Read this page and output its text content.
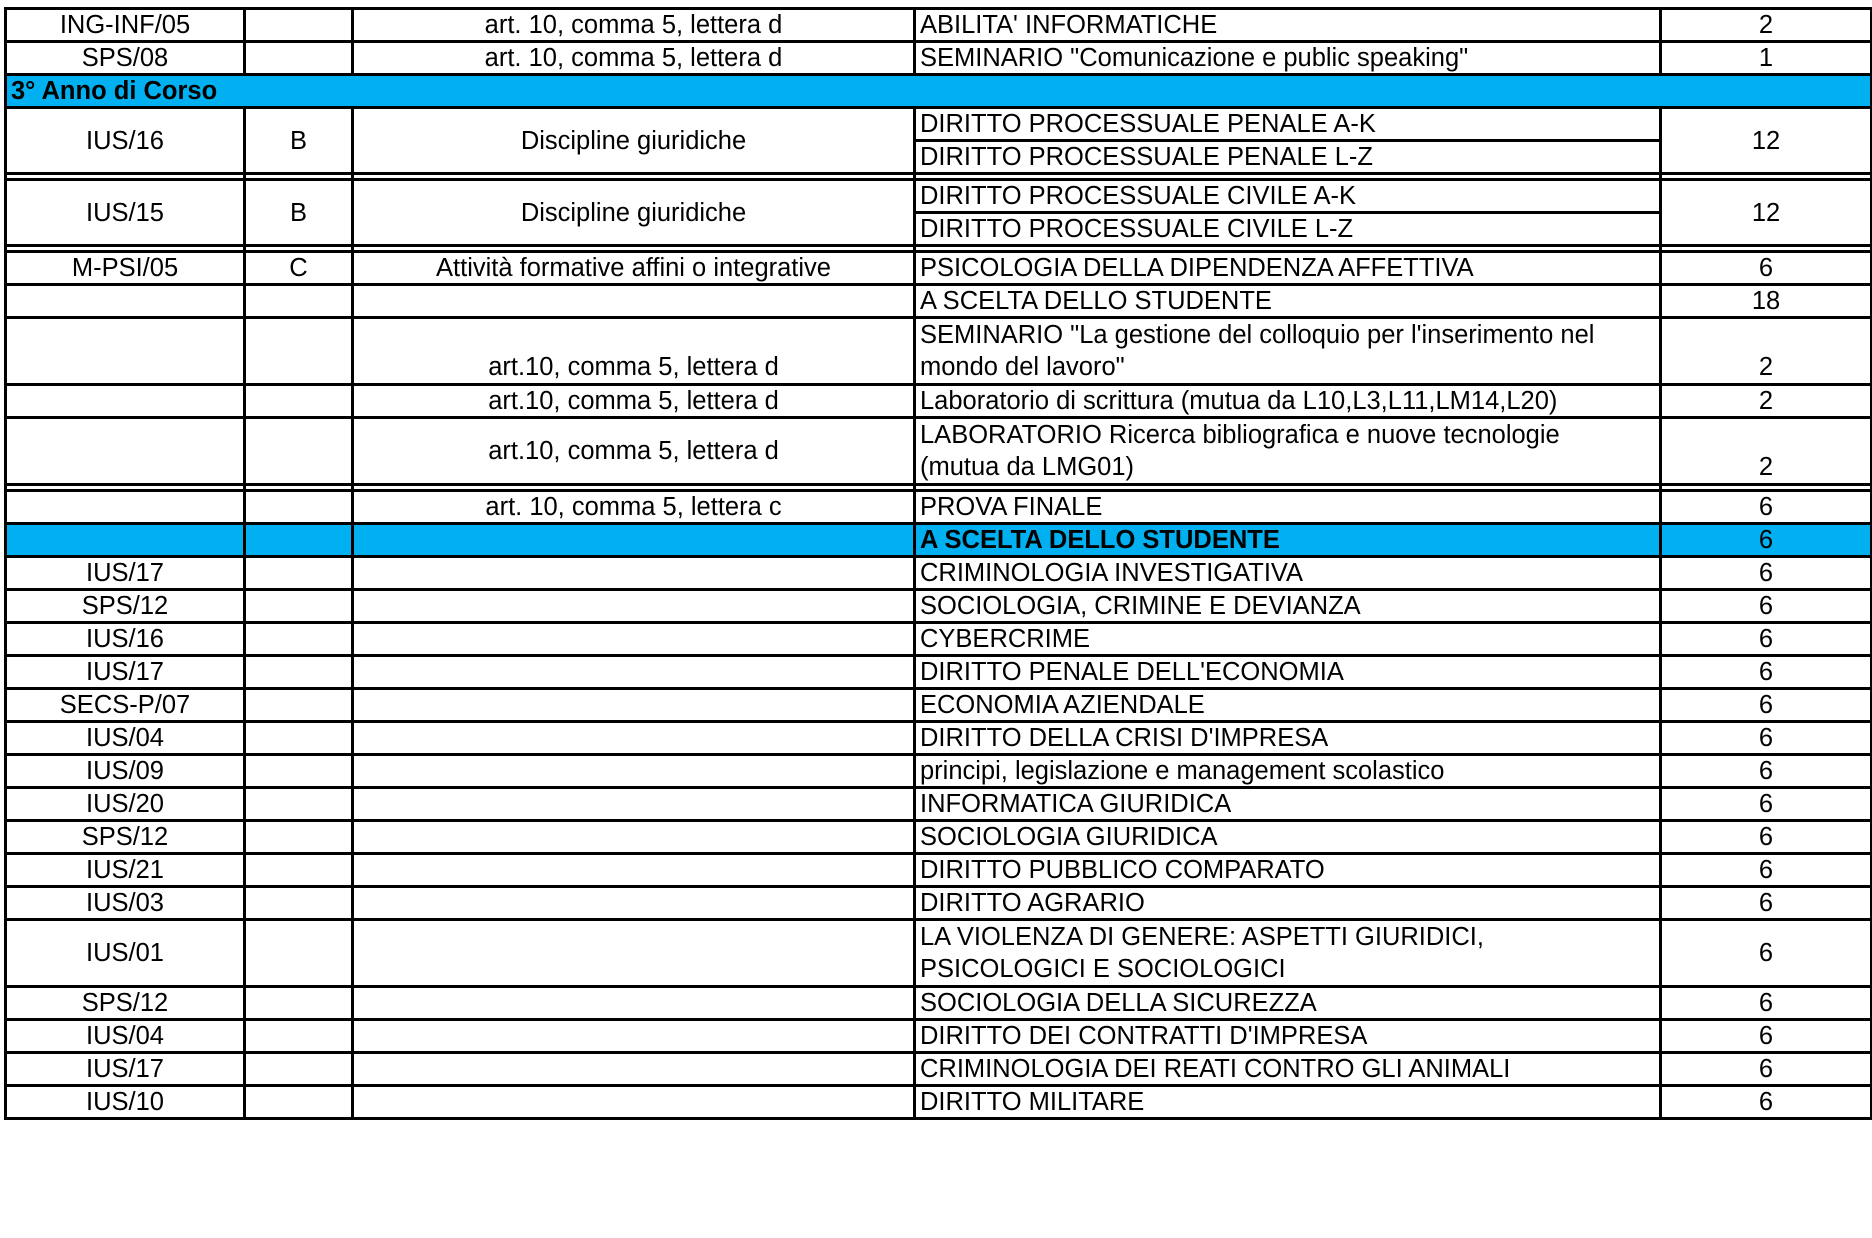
ING-INF/05		art. 10, comma 5, lettera d	ABILITA' INFORMATICHE	2
SPS/08		art. 10, comma 5, lettera d	SEMINARIO "Comunicazione e public speaking"	1
3° Anno di Corso				
IUS/16	B	Discipline giuridiche	DIRITTO PROCESSUALE PENALE A-K	12
			DIRITTO PROCESSUALE PENALE L-Z	

IUS/15	B	Discipline giuridiche	DIRITTO PROCESSUALE CIVILE A-K	12
			DIRITTO PROCESSUALE CIVILE L-Z	

M-PSI/05	C	Attività formative affini o integrative	PSICOLOGIA DELLA DIPENDENZA AFFETTIVA	6
			A SCELTA DELLO STUDENTE	18
		art.10, comma 5, lettera d	SEMINARIO "La gestione del colloquio per l'inserimento nel
mondo del lavoro"	2
		art.10, comma 5, lettera d	Laboratorio di scrittura (mutua da L10,L3,L11,LM14,L20)	2
		art.10, comma 5, lettera d	LABORATORIO Ricerca bibliografica e nuove tecnologie
(mutua da LMG01)	2

		art. 10, comma 5, lettera c	PROVA FINALE	6
			A SCELTA DELLO STUDENTE	6
IUS/17			CRIMINOLOGIA INVESTIGATIVA	6
SPS/12			SOCIOLOGIA, CRIMINE E DEVIANZA	6
IUS/16			CYBERCRIME	6
IUS/17			DIRITTO PENALE DELL'ECONOMIA	6
SECS-P/07			ECONOMIA AZIENDALE	6
IUS/04			DIRITTO DELLA CRISI D'IMPRESA	6
IUS/09			principi, legislazione e management scolastico	6
IUS/20			INFORMATICA GIURIDICA	6
SPS/12			SOCIOLOGIA GIURIDICA	6
IUS/21			DIRITTO PUBBLICO COMPARATO	6
IUS/03			DIRITTO AGRARIO	6
IUS/01			LA VIOLENZA DI GENERE: ASPETTI GIURIDICI,
PSICOLOGICI E SOCIOLOGICI	6
SPS/12			SOCIOLOGIA DELLA SICUREZZA	6
IUS/04			DIRITTO DEI CONTRATTI D'IMPRESA	6
IUS/17			CRIMINOLOGIA DEI REATI CONTRO GLI ANIMALI	6
IUS/10			DIRITTO MILITARE	6
